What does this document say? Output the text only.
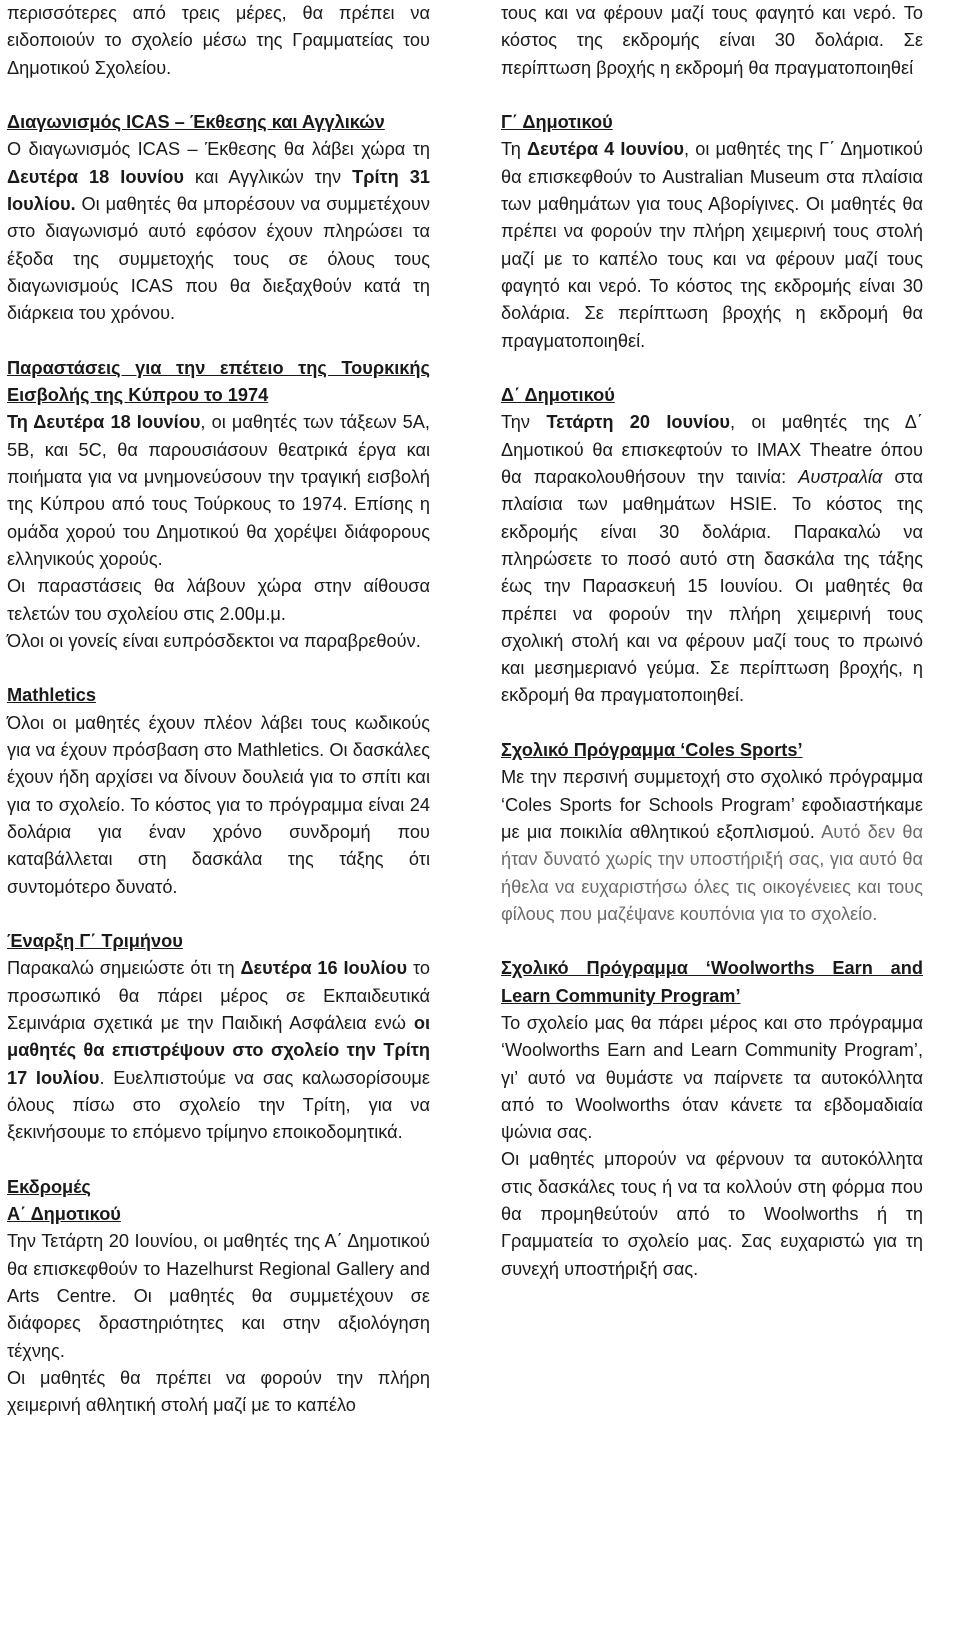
περισσότερες από τρεις μέρες, θα πρέπει να ειδοποιούν το σχολείο μέσω της Γραμματείας του Δημοτικού Σχολείου.

Διαγωνισμός ICAS – Έκθεσης και Αγγλικών

Ο διαγωνισμός ICAS – Έκθεσης θα λάβει χώρα τη Δευτέρα 18 Ιουνίου και Αγγλικών την Τρίτη 31 Ιουλίου. Οι μαθητές θα μπορέσουν να συμμετέχουν στο διαγωνισμό αυτό εφόσον έχουν πληρώσει τα έξοδα της συμμετοχής τους σε όλους τους διαγωνισμούς ICAS που θα διεξαχθούν κατά τη διάρκεια του χρόνου.

Παραστάσεις για την επέτειο της Τουρκικής Εισβολής της Κύπρου το 1974

Τη Δευτέρα 18 Ιουνίου, οι μαθητές των τάξεων 5A, 5B, και 5C, θα παρουσιάσουν θεατρικά έργα και ποιήματα για να μνημονεύσουν την τραγική εισβολή της Κύπρου από τους Τούρκους το 1974. Επίσης η ομάδα χορού του Δημοτικού θα χορέψει διάφορους ελληνικούς χορούς.

Οι παραστάσεις θα λάβουν χώρα στην αίθουσα τελετών του σχολείου στις 2.00μ.μ.

Όλοι οι γονείς είναι ευπρόσδεκτοι να παραβρεθούν.

Mathletics

Όλοι οι μαθητές έχουν πλέον λάβει τους κωδικούς για να έχουν πρόσβαση στο Mathletics. Οι δασκάλες έχουν ήδη αρχίσει να δίνουν δουλειά για το σπίτι και για το σχολείο. Το κόστος για το πρόγραμμα είναι 24 δολάρια για έναν χρόνο συνδρομή που καταβάλλεται στη δασκάλα της τάξης ότι συντομότερο δυνατό.

Έναρξη Γ΄ Τριμήνου

Παρακαλώ σημειώστε ότι τη Δευτέρα 16 Ιουλίου το προσωπικό θα πάρει μέρος σε Εκπαιδευτικά Σεμινάρια σχετικά με την Παιδική Ασφάλεια ενώ οι μαθητές θα επιστρέψουν στο σχολείο την Τρίτη 17 Ιουλίου. Ευελπιστούμε να σας καλωσορίσουμε όλους πίσω στο σχολείο την Τρίτη, για να ξεκινήσουμε το επόμενο τρίμηνο εποικοδομητικά.

Εκδρομές

Α΄ Δημοτικού

Την Τετάρτη 20 Ιουνίου, οι μαθητές της Α΄ Δημοτικού θα επισκεφθούν το Hazelhurst Regional Gallery and Arts Centre. Οι μαθητές θα συμμετέχουν σε διάφορες δραστηριότητες και στην αξιολόγηση τέχνης.

Οι μαθητές θα πρέπει να φορούν την πλήρη χειμερινή αθλητική στολή μαζί με το καπέλο

τους και να φέρουν μαζί τους φαγητό και νερό. Το κόστος της εκδρομής είναι 30 δολάρια. Σε περίπτωση βροχής η εκδρομή θα πραγματοποιηθεί

Γ΄ Δημοτικού

Τη Δευτέρα 4 Ιουνίου, οι μαθητές της Γ΄ Δημοτικού θα επισκεφθούν το Australian Museum στα πλαίσια των μαθημάτων για τους Αβορίγινες. Οι μαθητές θα πρέπει να φορούν την πλήρη χειμερινή τους στολή μαζί με το καπέλο τους και να φέρουν μαζί τους φαγητό και νερό. Το κόστος της εκδρομής είναι 30 δολάρια. Σε περίπτωση βροχής η εκδρομή θα πραγματοποιηθεί.

Δ΄ Δημοτικού

Την Τετάρτη 20 Ιουνίου, οι μαθητές της Δ΄ Δημοτικού θα επισκεφτούν το IMAX Theatre όπου θα παρακολουθήσουν την ταινία: Αυστραλία στα πλαίσια των μαθημάτων HSIE. Το κόστος της εκδρομής είναι 30 δολάρια. Παρακαλώ να πληρώσετε το ποσό αυτό στη δασκάλα της τάξης έως την Παρασκευή 15 Ιουνίου. Οι μαθητές θα πρέπει να φορούν την πλήρη χειμερινή τους σχολική στολή και να φέρουν μαζί τους το πρωινό και μεσημεριανό γεύμα. Σε περίπτωση βροχής, η εκδρομή θα πραγματοποιηθεί.

Σχολικό Πρόγραμμα ‘Coles Sports’

Με την περσινή συμμετοχή στο σχολικό πρόγραμμα ‘Coles Sports for Schools Program’ εφοδιαστήκαμε με μια ποικιλία αθλητικού εξοπλισμού. Αυτό δεν θα ήταν δυνατό χωρίς την υποστήριξή σας, για αυτό θα ήθελα να ευχαριστήσω όλες τις οικογένειες και τους φίλους που μαζέψανε κουπόνια για το σχολείο.

Σχολικό Πρόγραμμα ‘Woolworths Earn and Learn Community Program’

Το σχολείο μας θα πάρει μέρος και στο πρόγραμμα ‘Woolworths Earn and Learn Community Program’, γι’ αυτό να θυμάστε να παίρνετε τα αυτοκόλλητα από το Woolworths όταν κάνετε τα εβδομαδιαία ψώνια σας.

Οι μαθητές μπορούν να φέρνουν τα αυτοκόλλητα στις δασκάλες τους ή να τα κολλούν στη φόρμα που θα προμηθεύτούν από το Woolworths ή τη Γραμματεία το σχολείο μας. Σας ευχαριστώ για τη συνεχή υποστήριξή σας.
